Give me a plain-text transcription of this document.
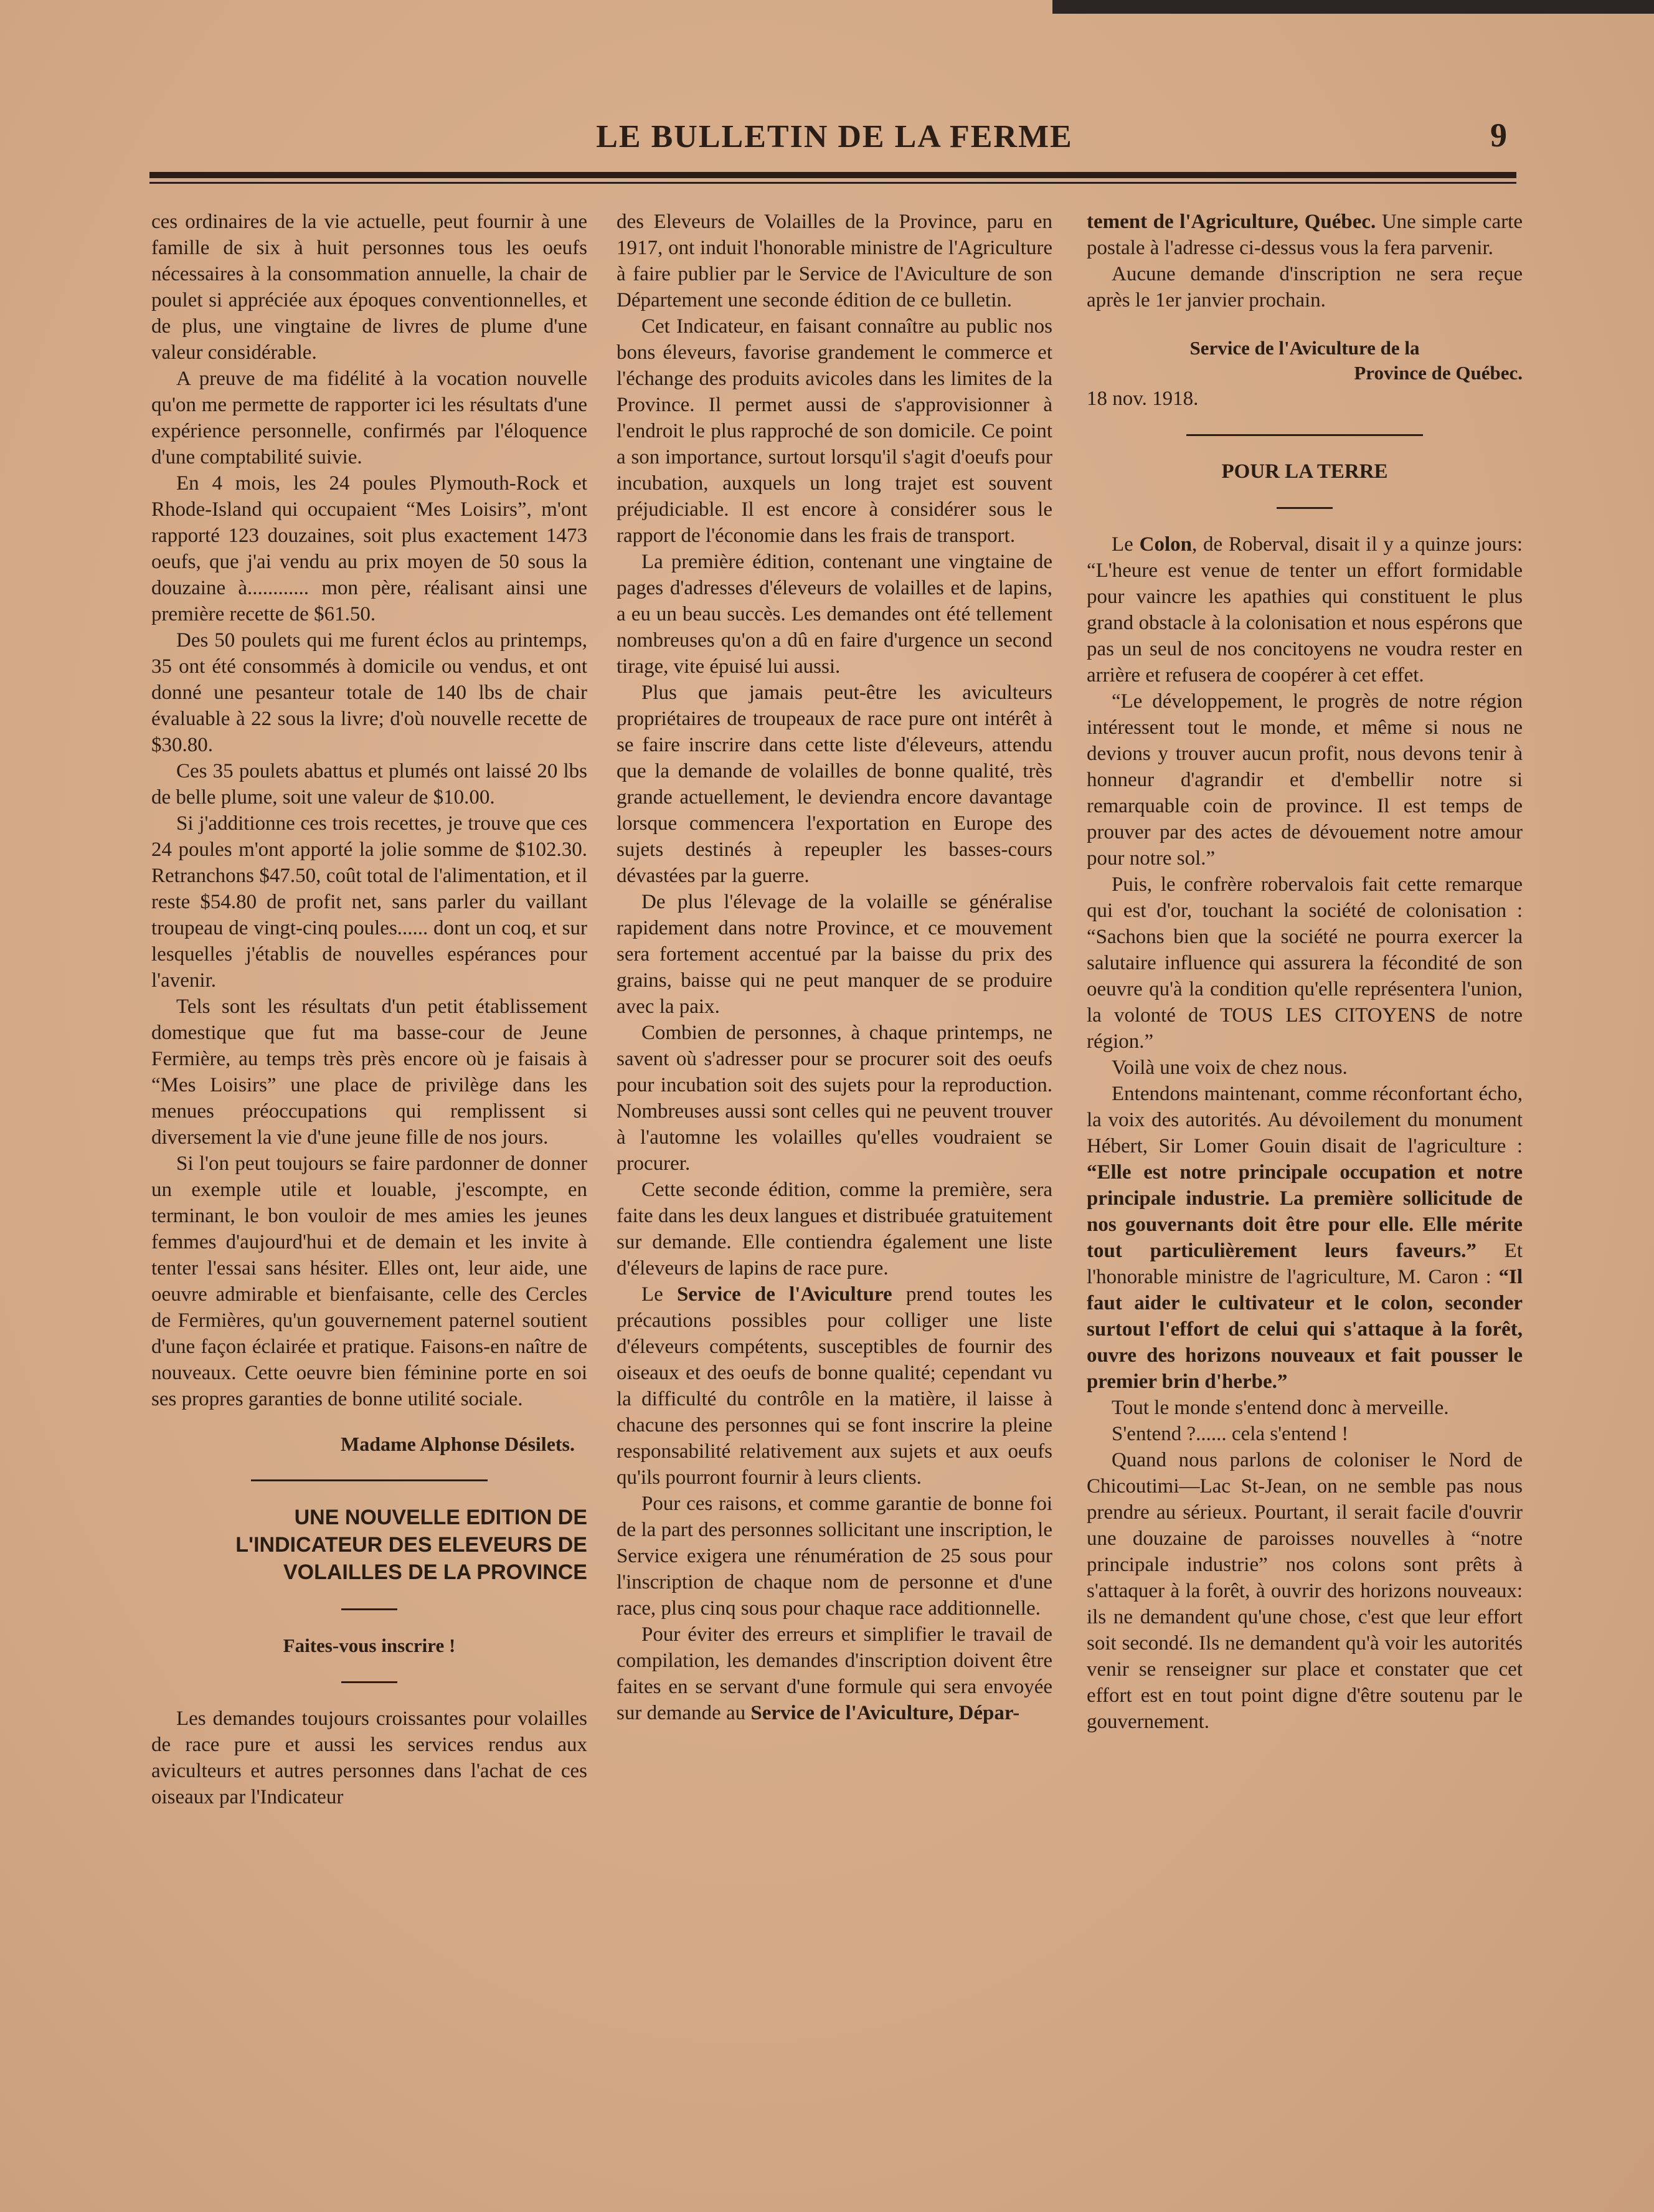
LE BULLETIN DE LA FERME	9

ces ordinaires de la vie actuelle, peut fournir à une famille de six à huit personnes tous les oeufs nécessaires à la consommation annuelle, la chair de poulet si appréciée aux époques conventionnelles, et de plus, une vingtaine de livres de plume d'une valeur considérable.

A preuve de ma fidélité à la vocation nouvelle qu'on me permette de rapporter ici les résultats d'une expérience personnelle, confirmés par l'éloquence d'une comptabilité suivie.

En 4 mois, les 24 poules Plymouth-Rock et Rhode-Island qui occupaient “Mes Loisirs”, m'ont rapporté 123 douzaines, soit plus exactement 1473 oeufs, que j'ai vendu au prix moyen de 50 sous la douzaine à............ mon père, réalisant ainsi une première recette de $61.50.

Des 50 poulets qui me furent éclos au printemps, 35 ont été consommés à domicile ou vendus, et ont donné une pesanteur totale de 140 lbs de chair évaluable à 22 sous la livre; d'où nouvelle recette de $30.80.

Ces 35 poulets abattus et plumés ont laissé 20 lbs de belle plume, soit une valeur de $10.00.

Si j'additionne ces trois recettes, je trouve que ces 24 poules m'ont apporté la jolie somme de $102.30. Retranchons $47.50, coût total de l'alimentation, et il reste $54.80 de profit net, sans parler du vaillant troupeau de vingt-cinq poules...... dont un coq, et sur lesquelles j'établis de nouvelles espérances pour l'avenir.

Tels sont les résultats d'un petit établissement domestique que fut ma basse-cour de Jeune Fermière, au temps très près encore où je faisais à “Mes Loisirs” une place de privilège dans les menues préoccupations qui remplissent si diversement la vie d'une jeune fille de nos jours.

Si l'on peut toujours se faire pardonner de donner un exemple utile et louable, j'escompte, en terminant, le bon vouloir de mes amies les jeunes femmes d'aujourd'hui et de demain et les invite à tenter l'essai sans hésiter. Elles ont, leur aide, une oeuvre admirable et bienfaisante, celle des Cercles de Fermières, qu'un gouvernement paternel soutient d'une façon éclairée et pratique. Faisons-en naître de nouveaux. Cette oeuvre bien féminine porte en soi ses propres garanties de bonne utilité sociale.

Madame Alphonse Désilets.
UNE NOUVELLE EDITION DE L'INDICATEUR DES ELEVEURS DE VOLAILLES DE LA PROVINCE
Faites-vous inscrire !

Les demandes toujours croissantes pour volailles de race pure et aussi les services rendus aux aviculteurs et autres personnes dans l'achat de ces oiseaux par l'Indicateur

des Eleveurs de Volailles de la Province, paru en 1917, ont induit l'honorable ministre de l'Agriculture à faire publier par le Service de l'Aviculture de son Département une seconde édition de ce bulletin.

Cet Indicateur, en faisant connaître au public nos bons éleveurs, favorise grandement le commerce et l'échange des produits avicoles dans les limites de la Province. Il permet aussi de s'approvisionner à l'endroit le plus rapproché de son domicile. Ce point a son importance, surtout lorsqu'il s'agit d'oeufs pour incubation, auxquels un long trajet est souvent préjudiciable. Il est encore à considérer sous le rapport de l'économie dans les frais de transport.

La première édition, contenant une vingtaine de pages d'adresses d'éleveurs de volailles et de lapins, a eu un beau succès. Les demandes ont été tellement nombreuses qu'on a dû en faire d'urgence un second tirage, vite épuisé lui aussi.

Plus que jamais peut-être les aviculteurs propriétaires de troupeaux de race pure ont intérêt à se faire inscrire dans cette liste d'éleveurs, attendu que la demande de volailles de bonne qualité, très grande actuellement, le deviendra encore davantage lorsque commencera l'exportation en Europe des sujets destinés à repeupler les basses-cours dévastées par la guerre.

De plus l'élevage de la volaille se généralise rapidement dans notre Province, et ce mouvement sera fortement accentué par la baisse du prix des grains, baisse qui ne peut manquer de se produire avec la paix.

Combien de personnes, à chaque printemps, ne savent où s'adresser pour se procurer soit des oeufs pour incubation soit des sujets pour la reproduction. Nombreuses aussi sont celles qui ne peuvent trouver à l'automne les volailles qu'elles voudraient se procurer.

Cette seconde édition, comme la première, sera faite dans les deux langues et distribuée gratuitement sur demande. Elle contiendra également une liste d'éleveurs de lapins de race pure.

Le Service de l'Aviculture prend toutes les précautions possibles pour colliger une liste d'éleveurs compétents, susceptibles de fournir des oiseaux et des oeufs de bonne qualité; cependant vu la difficulté du contrôle en la matière, il laisse à chacune des personnes qui se font inscrire la pleine responsabilité relativement aux sujets et aux oeufs qu'ils pourront fournir à leurs clients.

Pour ces raisons, et comme garantie de bonne foi de la part des personnes sollicitant une inscription, le Service exigera une rénumération de 25 sous pour l'inscription de chaque nom de personne et d'une race, plus cinq sous pour chaque race additionnelle.

Pour éviter des erreurs et simplifier le travail de compilation, les demandes d'inscription doivent être faites en se servant d'une formule qui sera envoyée sur demande au Service de l'Aviculture, Dépar-

tement de l'Agriculture, Québec. Une simple carte postale à l'adresse ci-dessus vous la fera parvenir.

Aucune demande d'inscription ne sera reçue après le 1er janvier prochain.

Service de l'Aviculture de la
Province de Québec.

18 nov. 1918.

POUR LA TERRE

Le Colon, de Roberval, disait il y a quinze jours: “L'heure est venue de tenter un effort formidable pour vaincre les apathies qui constituent le plus grand obstacle à la colonisation et nous espérons que pas un seul de nos concitoyens ne voudra rester en arrière et refusera de coopérer à cet effet.

“Le développement, le progrès de notre région intéressent tout le monde, et même si nous ne devions y trouver aucun profit, nous devons tenir à honneur d'agrandir et d'embellir notre si remarquable coin de province. Il est temps de prouver par des actes de dévouement notre amour pour notre sol.”

Puis, le confrère robervalois fait cette remarque qui est d'or, touchant la société de colonisation : “Sachons bien que la société ne pourra exercer la salutaire influence qui assurera la fécondité de son oeuvre qu'à la condition qu'elle représentera l'union, la volonté de TOUS LES CITOYENS de notre région.”

Voilà une voix de chez nous.

Entendons maintenant, comme réconfortant écho, la voix des autorités. Au dévoilement du monument Hébert, Sir Lomer Gouin disait de l'agriculture : “Elle est notre principale occupation et notre principale industrie. La première sollicitude de nos gouvernants doit être pour elle. Elle mérite tout particulièrement leurs faveurs.” Et l'honorable ministre de l'agriculture, M. Caron : “Il faut aider le cultivateur et le colon, seconder surtout l'effort de celui qui s'attaque à la forêt, ouvre des horizons nouveaux et fait pousser le premier brin d'herbe.”

Tout le monde s'entend donc à merveille.

S'entend ?...... cela s'entend !

Quand nous parlons de coloniser le Nord de Chicoutimi—Lac St-Jean, on ne semble pas nous prendre au sérieux. Pourtant, il serait facile d'ouvrir une douzaine de paroisses nouvelles à “notre principale industrie” nos colons sont prêts à s'attaquer à la forêt, à ouvrir des horizons nouveaux: ils ne demandent qu'une chose, c'est que leur effort soit secondé. Ils ne demandent qu'à voir les autorités venir se renseigner sur place et constater que cet effort est en tout point digne d'être soutenu par le gouvernement.
